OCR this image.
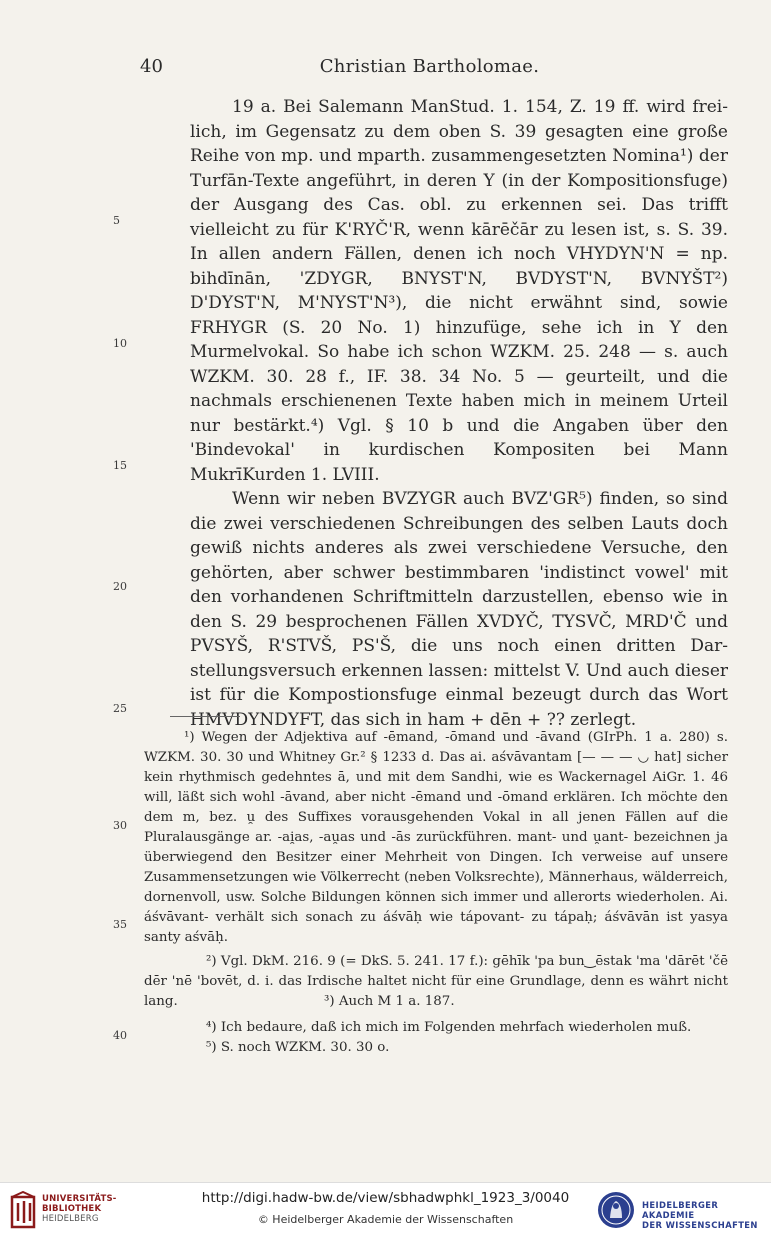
40	Christian Bartholomae.
5
10
15
20
25
30
35
40

19 a. Bei Salemann ManStud. 1. 154, Z. 19 ff. wird freilich, im Gegensatz zu dem oben S. 39 gesagten eine große Reihe von mp. und mparth. zusammengesetzten Nomina¹) der Turfān-Texte angeführt, in deren Y (in der Kompositionsfuge) der Ausgang des Cas. obl. zu erkennen sei. Das trifft vielleicht zu für K'RYČ'R, wenn kārēčār zu lesen ist, s. S. 39. In allen andern Fällen, denen ich noch VHYDYN'N = np. bihdīnān, 'ZDYGR, BNYST'N, BVDYST'N, BVNYŠT²) D'DYST'N, M'NYST'N³), die nicht erwähnt sind, sowie FRHYGR (S. 20 No. 1) hinzufüge, sehe ich in Y den Murmelvokal. So habe ich schon WZKM. 25. 248 — s. auch WZKM. 30. 28 f., IF. 38. 34 No. 5 — geurteilt, und die nachmals erschienenen Texte haben mich in meinem Urteil nur bestärkt.⁴) Vgl. § 10 b und die Angaben über den 'Bindevokal' in kurdischen Kompositen bei Mann MukrīKurden 1. LVIII.

Wenn wir neben BVZYGR auch BVZ'GR⁵) finden, so sind die zwei verschiedenen Schreibungen des selben Lauts doch gewiß nichts anderes als zwei verschiedene Versuche, den gehörten, aber schwer bestimmbaren 'indistinct vowel' mit den vorhandenen Schriftmitteln darzustellen, ebenso wie in den S. 29 besprochenen Fällen XVDYČ, TYSVČ, MRD'Č und PVSYŠ, R'STVŠ, PS'Š, die uns noch einen dritten Darstellungsversuch erkennen lassen: mittelst V. Und auch dieser ist für die Kompostionsfuge einmal bezeugt durch das Wort HMVDYNDYFT, das sich in ham + dēn + ?? zerlegt.

¹) Wegen der Adjektiva auf -ēmand, -ōmand und -āvand (GIrPh. 1 a. 280) s. WZKM. 30. 30 und Whitney Gr.² § 1233 d. Das ai. aśvāvantam [— — — ◡ hat] sicher kein rhythmisch gedehntes ā, und mit dem Sandhi, wie es Wackernagel AiGr. 1. 46 will, läßt sich wohl -āvand, aber nicht -ēmand und -ōmand erklären. Ich möchte den dem m, bez. u̯ des Suffixes vorausgehenden Vokal in all jenen Fällen auf die Pluralausgänge ar. -ai̯as, -au̯as und -ās zurückführen. mant- und u̯ant- bezeichnen ja überwiegend den Besitzer einer Mehrheit von Dingen. Ich verweise auf unsere Zusammensetzungen wie Völkerrecht (neben Volksrechte), Männerhaus, wälderreich, dornenvoll, usw. Solche Bildungen können sich immer und allerorts wiederholen. Ai. áśvāvant- verhält sich sonach zu áśvāḥ wie tápovant- zu tápaḥ; áśvāvān ist yasya santy aśvāḥ.

²) Vgl. DkM. 216. 9 (= DkS. 5. 241. 17 f.): gēhīk 'pa bun‿ēstak 'ma 'dārēt 'čē dēr 'nē 'bovēt, d. i. das Irdische haltet nicht für eine Grundlage, denn es währt nicht lang.	³) Auch M 1 a. 187.

⁴) Ich bedaure, daß ich mich im Folgenden mehrfach wiederholen muß.

⁵) S. noch WZKM. 30. 30 o.

UNIVERSITÄTS-
BIBLIOTHEK
HEIDELBERG
http://digi.hadw-bw.de/view/sbhadwphkl_1923_3/0040
© Heidelberger Akademie der Wissenschaften
HEIDELBERGER AKADEMIE
DER WISSENSCHAFTEN
